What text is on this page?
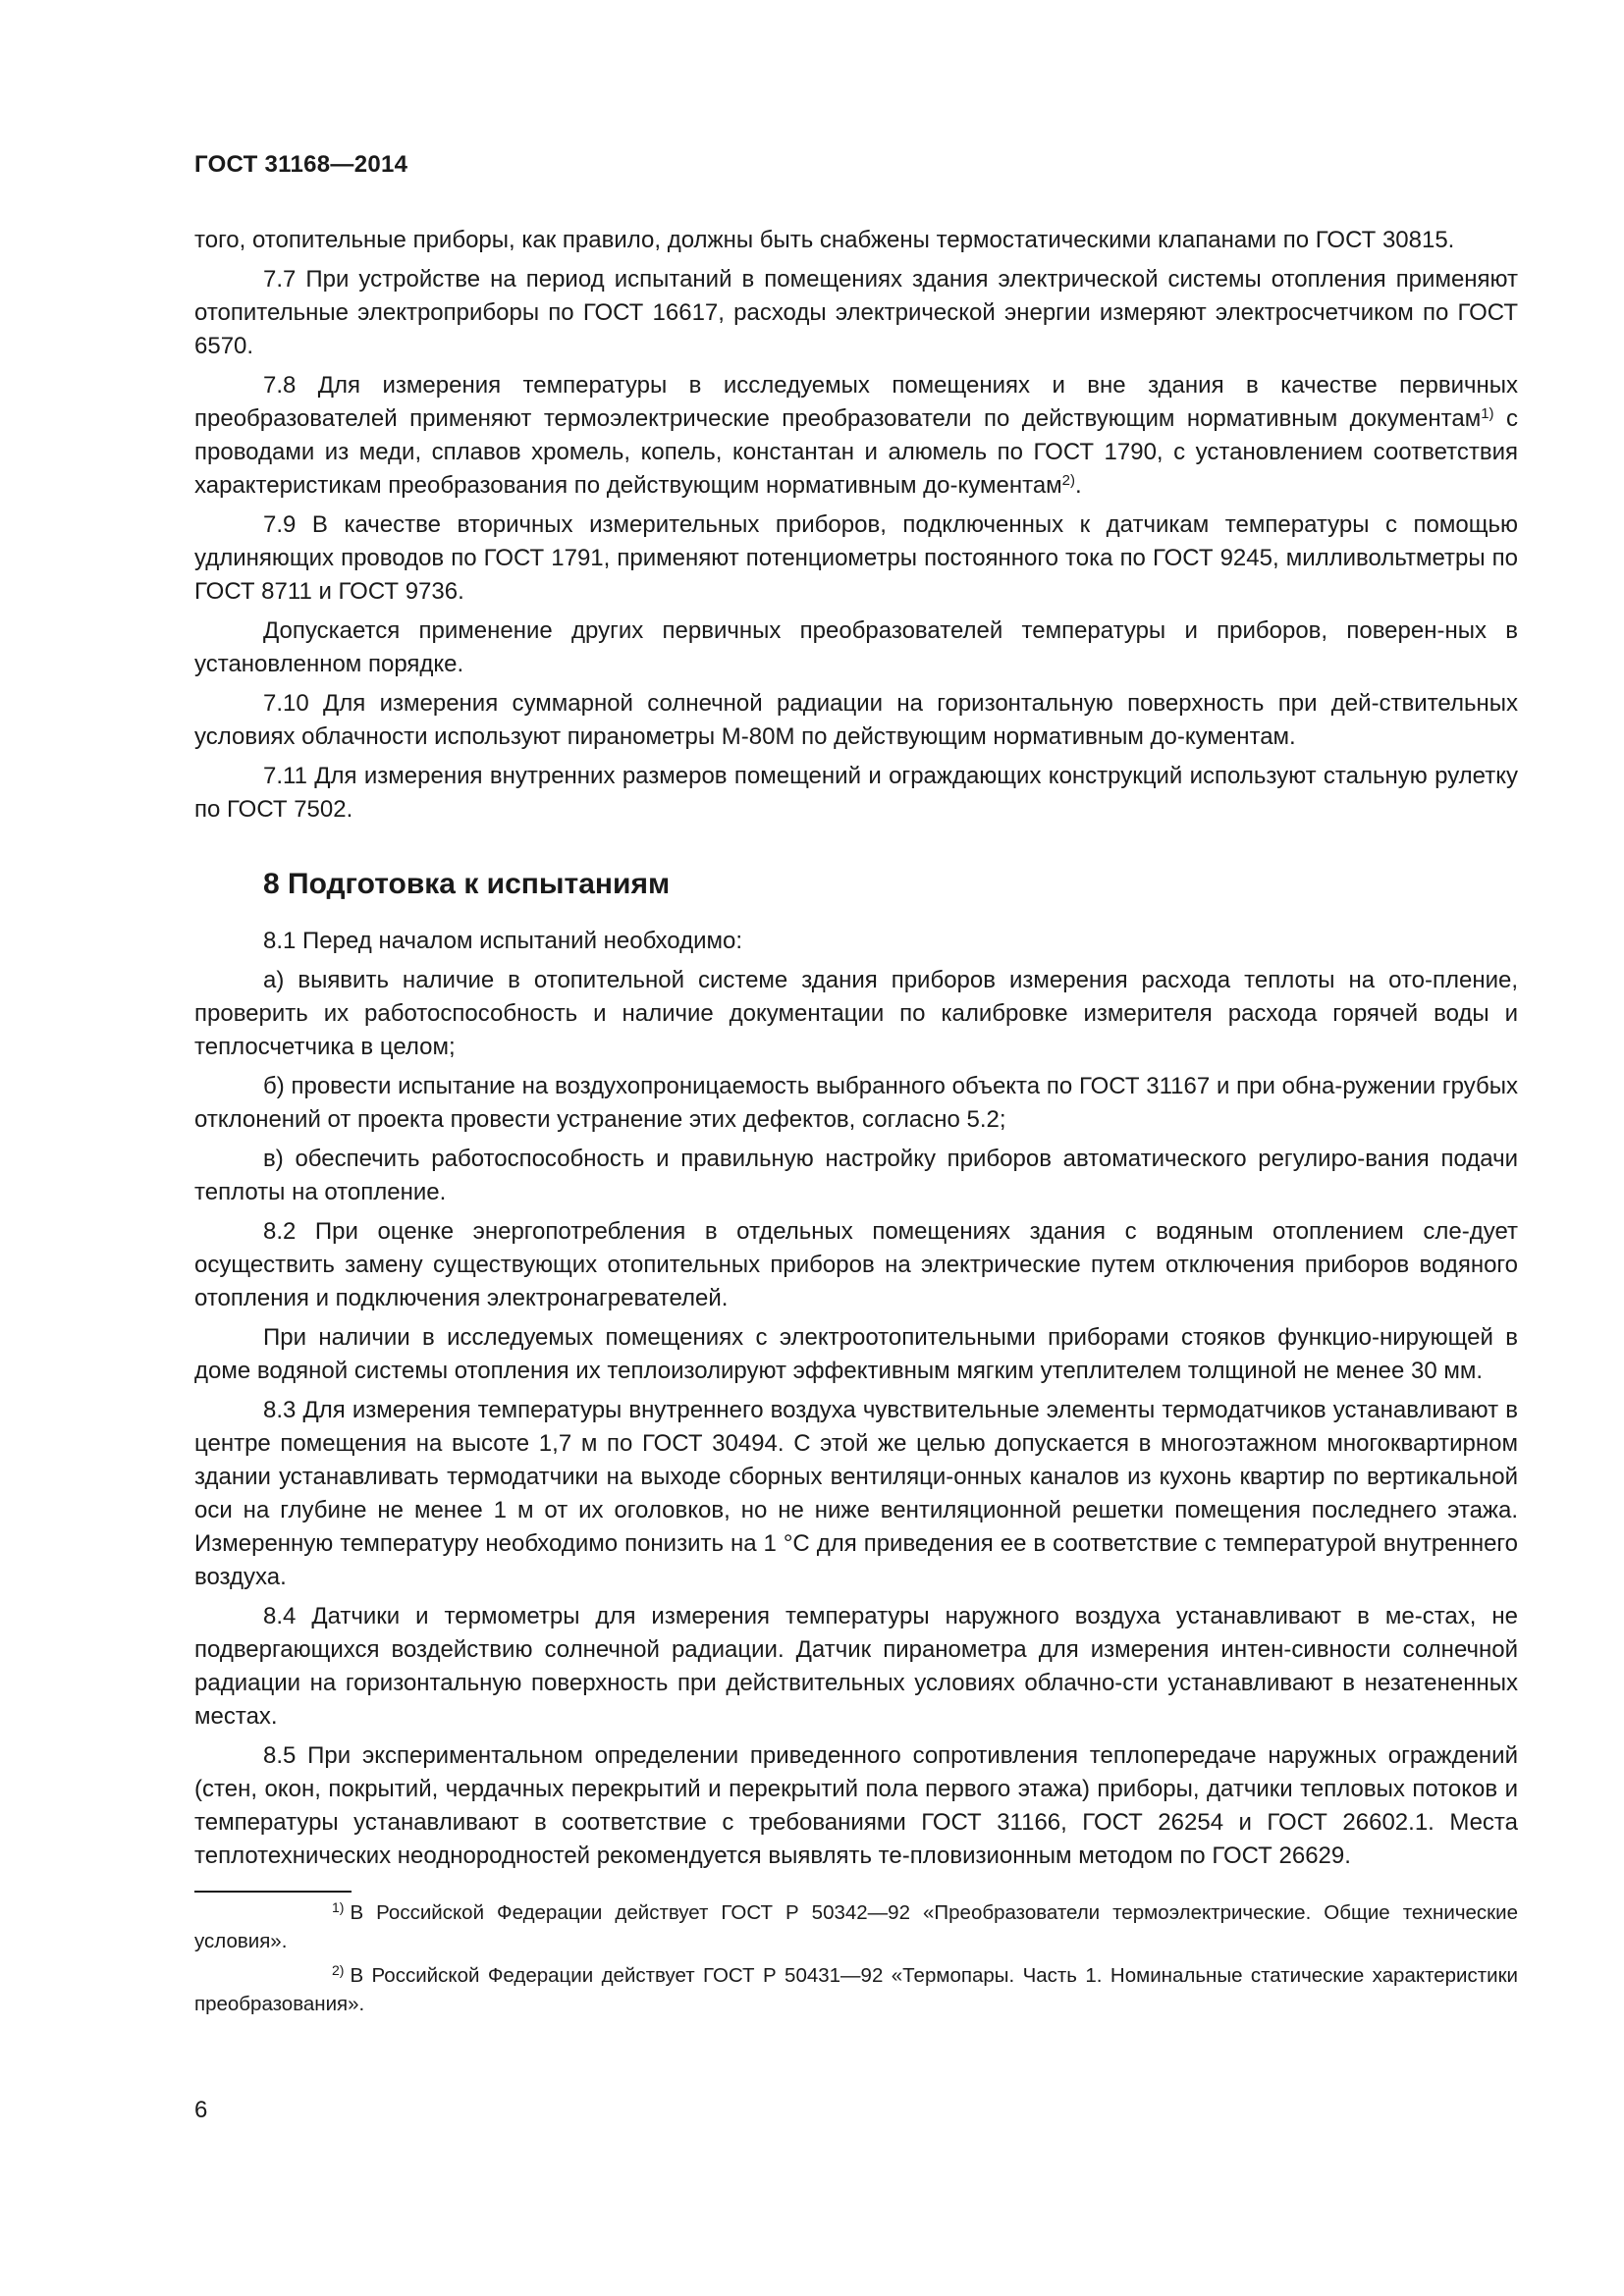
ГОСТ 31168—2014

того, отопительные приборы, как правило, должны быть снабжены термостатическими клапанами по ГОСТ 30815.

7.7 При устройстве на период испытаний в помещениях здания электрической системы отопления применяют отопительные электроприборы по ГОСТ 16617, расходы электрической энергии измеряют электросчетчиком по ГОСТ 6570.

7.8 Для измерения температуры в исследуемых помещениях и вне здания в качестве первичных преобразователей применяют термоэлектрические преобразователи по действующим нормативным документам$^{1)}$ с проводами из меди, сплавов хромель, копель, константан и алюмель по ГОСТ 1790, с установлением соответствия характеристикам преобразования по действующим нормативным до-кументам$^{2)}$.

7.9 В качестве вторичных измерительных приборов, подключенных к датчикам температуры с помощью удлиняющих проводов по ГОСТ 1791, применяют потенциометры постоянного тока по ГОСТ 9245, милливольтметры по ГОСТ 8711 и ГОСТ 9736.

Допускается применение других первичных преобразователей температуры и приборов, поверен-ных в установленном порядке.

7.10 Для измерения суммарной солнечной радиации на горизонтальную поверхность при дей-ствительных условиях облачности используют пиранометры М-80М по действующим нормативным до-кументам.

7.11 Для измерения внутренних размеров помещений и ограждающих конструкций используют стальную рулетку по ГОСТ 7502.

8 Подготовка к испытаниям

8.1 Перед началом испытаний необходимо:

а) выявить наличие в отопительной системе здания приборов измерения расхода теплоты на ото-пление, проверить их работоспособность и наличие документации по калибровке измерителя расхода горячей воды и теплосчетчика в целом;

б) провести испытание на воздухопроницаемость выбранного объекта по ГОСТ 31167 и при обна-ружении грубых отклонений от проекта провести устранение этих дефектов, согласно 5.2;

в) обеспечить работоспособность и правильную настройку приборов автоматического регулиро-вания подачи теплоты на отопление.

8.2 При оценке энергопотребления в отдельных помещениях здания с водяным отоплением сле-дует осуществить замену существующих отопительных приборов на электрические путем отключения приборов водяного отопления и подключения электронагревателей.

При наличии в исследуемых помещениях с электроотопительными приборами стояков функцио-нирующей в доме водяной системы отопления их теплоизолируют эффективным мягким утеплителем толщиной не менее 30 мм.

8.3 Для измерения температуры внутреннего воздуха чувствительные элементы термодатчиков устанавливают в центре помещения на высоте 1,7 м по ГОСТ 30494. С этой же целью допускается в многоэтажном многоквартирном здании устанавливать термодатчики на выходе сборных вентиляци-онных каналов из кухонь квартир по вертикальной оси на глубине не менее 1 м от их оголовков, но не ниже вентиляционной решетки помещения последнего этажа. Измеренную температуру необходимо понизить на 1 °С для приведения ее в соответствие с температурой внутреннего воздуха.

8.4 Датчики и термометры для измерения температуры наружного воздуха устанавливают в ме-стах, не подвергающихся воздействию солнечной радиации. Датчик пиранометра для измерения интен-сивности солнечной радиации на горизонтальную поверхность при действительных условиях облачно-сти устанавливают в незатененных местах.

8.5 При экспериментальном определении приведенного сопротивления теплопередаче наружных ограждений (стен, окон, покрытий, чердачных перекрытий и перекрытий пола первого этажа) приборы, датчики тепловых потоков и температуры устанавливают в соответствие с требованиями ГОСТ 31166, ГОСТ 26254 и ГОСТ 26602.1. Места теплотехнических неоднородностей рекомендуется выявлять те-пловизионным методом по ГОСТ 26629.

$^{1)}$ В Российской Федерации действует ГОСТ Р 50342—92 «Преобразователи термоэлектрические. Общие технические условия».

$^{2)}$ В Российской Федерации действует ГОСТ Р 50431—92 «Термопары. Часть 1. Номинальные статические характеристики преобразования».

6
